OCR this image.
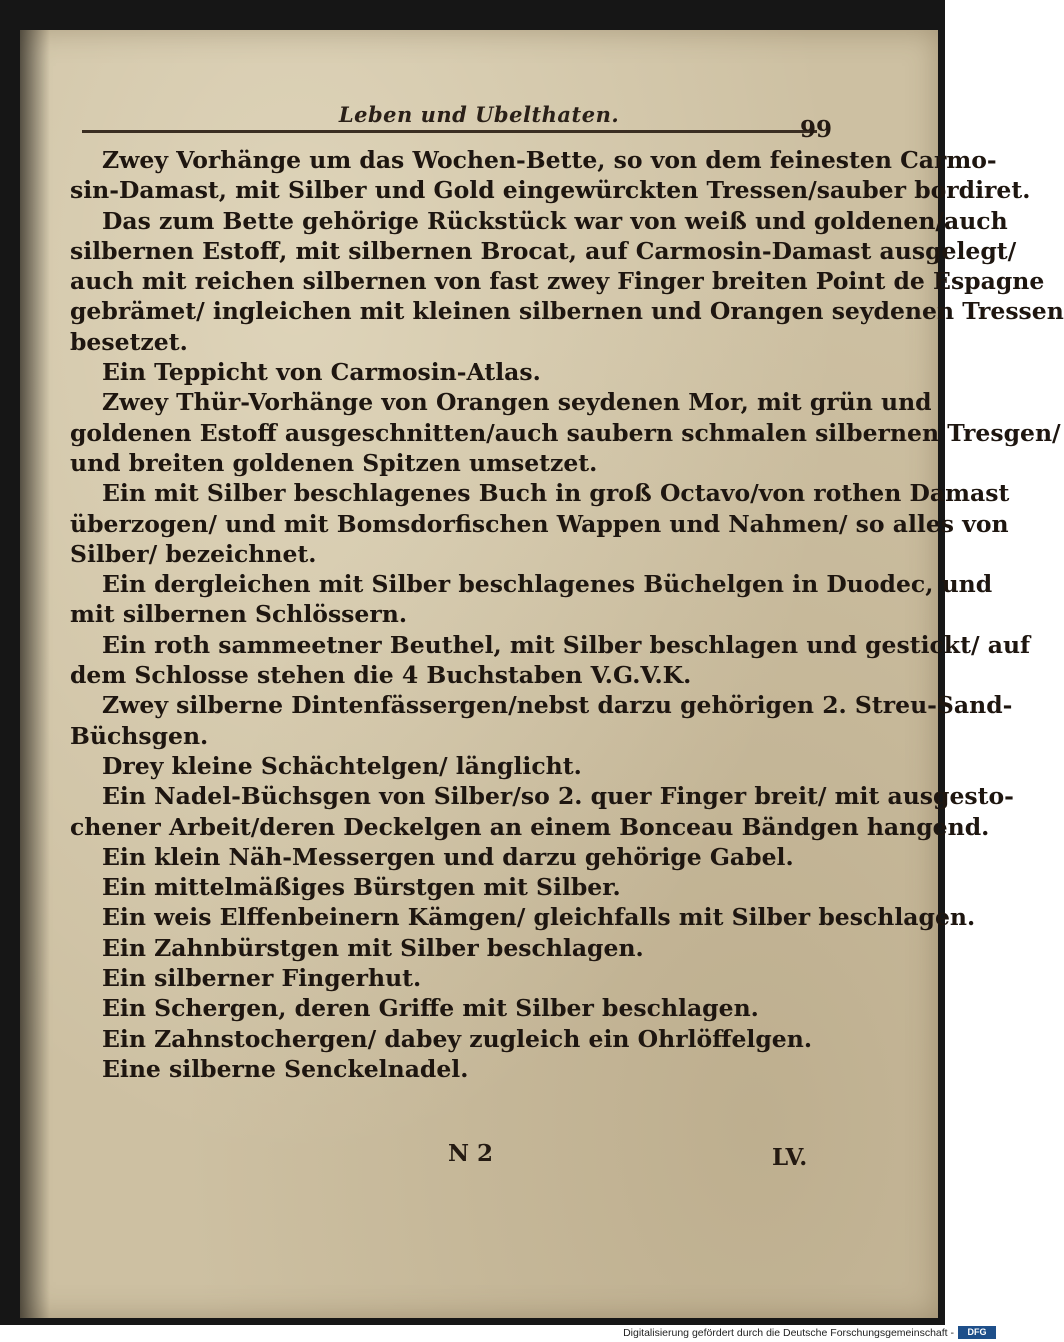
Leben und Ubelthaten.
99
Zwey Vorhänge um das Wochen-Bette, so von dem feinesten Carmo-
sin-Damast, mit Silber und Gold eingewürckten Tressen/sauber bordiret.
Das zum Bette gehörige Rückstück war von weiß und goldenen/auch
silbernen Estoff, mit silbernen Brocat, auf Carmosin-Damast ausgelegt/
auch mit reichen silbernen von fast zwey Finger breiten Point de Espagne
gebrämet/ ingleichen mit kleinen silbernen und Orangen seydenen Tressen
besetzet.
Ein Teppicht von Carmosin-Atlas.
Zwey Thür-Vorhänge von Orangen seydenen Mor, mit grün und
goldenen Estoff ausgeschnitten/auch saubern schmalen silbernen Tresgen/
und breiten goldenen Spitzen umsetzet.
Ein mit Silber beschlagenes Buch in groß Octavo/von rothen Damast
überzogen/ und mit Bomsdorfischen Wappen und Nahmen/ so alles von
Silber/ bezeichnet.
Ein dergleichen mit Silber beschlagenes Büchelgen in Duodec, und
mit silbernen Schlössern.
Ein roth sammeetner Beuthel, mit Silber beschlagen und gestickt/ auf
dem Schlosse stehen die 4 Buchstaben V.G.V.K.
Zwey silberne Dintenfässergen/nebst darzu gehörigen 2. Streu-Sand-
Büchsgen.
Drey kleine Schächtelgen/ länglicht.
Ein Nadel-Büchsgen von Silber/so 2. quer Finger breit/ mit ausgesto-
chener Arbeit/deren Deckelgen an einem Bonceau Bändgen hangend.
Ein klein Näh-Messergen und darzu gehörige Gabel.
Ein mittelmäßiges Bürstgen mit Silber.
Ein weis Elffenbeinern Kämgen/ gleichfalls mit Silber beschlagen.
Ein Zahnbürstgen mit Silber beschlagen.
Ein silberner Fingerhut.
Ein Schergen, deren Griffe mit Silber beschlagen.
Ein Zahnstochergen/ dabey zugleich ein Ohrlöffelgen.
Eine silberne Senckelnadel.
N 2	LV.
Digitalisierung gefördert durch die Deutsche Forschungsgemeinschaft -	DFG
